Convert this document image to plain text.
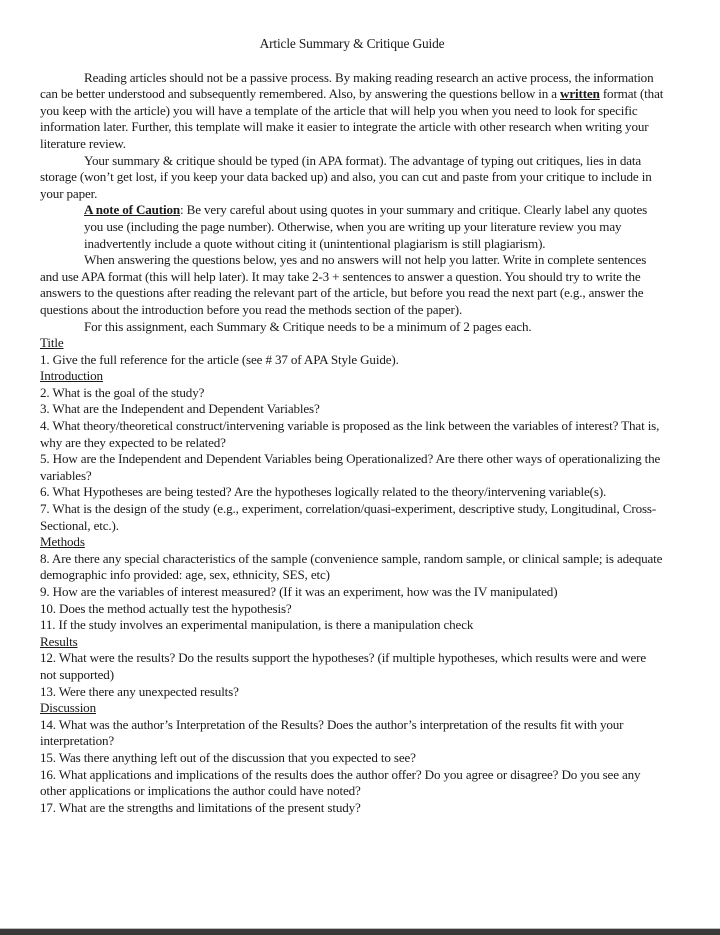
Article Summary & Critique Guide

Reading articles should not be a passive process. By making reading research an active process, the information can be better understood and subsequently remembered. Also, by answering the questions bellow in a written format (that you keep with the article) you will have a template of the article that will help you when you need to look for specific information later. Further, this template will make it easier to integrate the article with other research when writing your literature review.

Your summary & critique should be typed (in APA format). The advantage of typing out critiques, lies in data storage (won’t get lost, if you keep your data backed up) and also, you can cut and paste from your critique to include in your paper.

A note of Caution: Be very careful about using quotes in your summary and critique. Clearly label any quotes you use (including the page number). Otherwise, when you are writing up your literature review you may inadvertently include a quote without citing it (unintentional plagiarism is still plagiarism).

When answering the questions below, yes and no answers will not help you latter. Write in complete sentences and use APA format (this will help later). It may take 2-3 + sentences to answer a question. You should try to write the answers to the questions after reading the relevant part of the article, but before you read the next part (e.g., answer the questions about the introduction before you read the methods section of the paper).

For this assignment, each Summary & Critique needs to be a minimum of 2 pages each.

Title

1. Give the full reference for the article (see # 37 of APA Style Guide).

Introduction

2. What is the goal of the study?

3. What are the Independent and Dependent Variables?

4. What theory/theoretical construct/intervening variable is proposed as the link between the variables of interest? That is, why are they expected to be related?

5. How are the Independent and Dependent Variables being Operationalized? Are there other ways of operationalizing the variables?

6. What Hypotheses are being tested? Are the hypotheses logically related to the theory/intervening variable(s).

7. What is the design of the study (e.g., experiment, correlation/quasi-experiment, descriptive study, Longitudinal, Cross-Sectional, etc.).

Methods

8. Are there any special characteristics of the sample (convenience sample, random sample, or clinical sample; is adequate demographic info provided: age, sex, ethnicity, SES, etc)

9. How are the variables of interest measured? (If it was an experiment, how was the IV manipulated)

10. Does the method actually test the hypothesis?

11. If the study involves an experimental manipulation, is there a manipulation check

Results

12. What were the results? Do the results support the hypotheses? (if multiple hypotheses, which results were and were not supported)

13. Were there any unexpected results?

Discussion

14. What was the author’s Interpretation of the Results? Does the author’s interpretation of the results fit with your interpretation?

15. Was there anything left out of the discussion that you expected to see?

16. What applications and implications of the results does the author offer? Do you agree or disagree? Do you see any other applications or implications the author could have noted?

17. What are the strengths and limitations of the present study?
